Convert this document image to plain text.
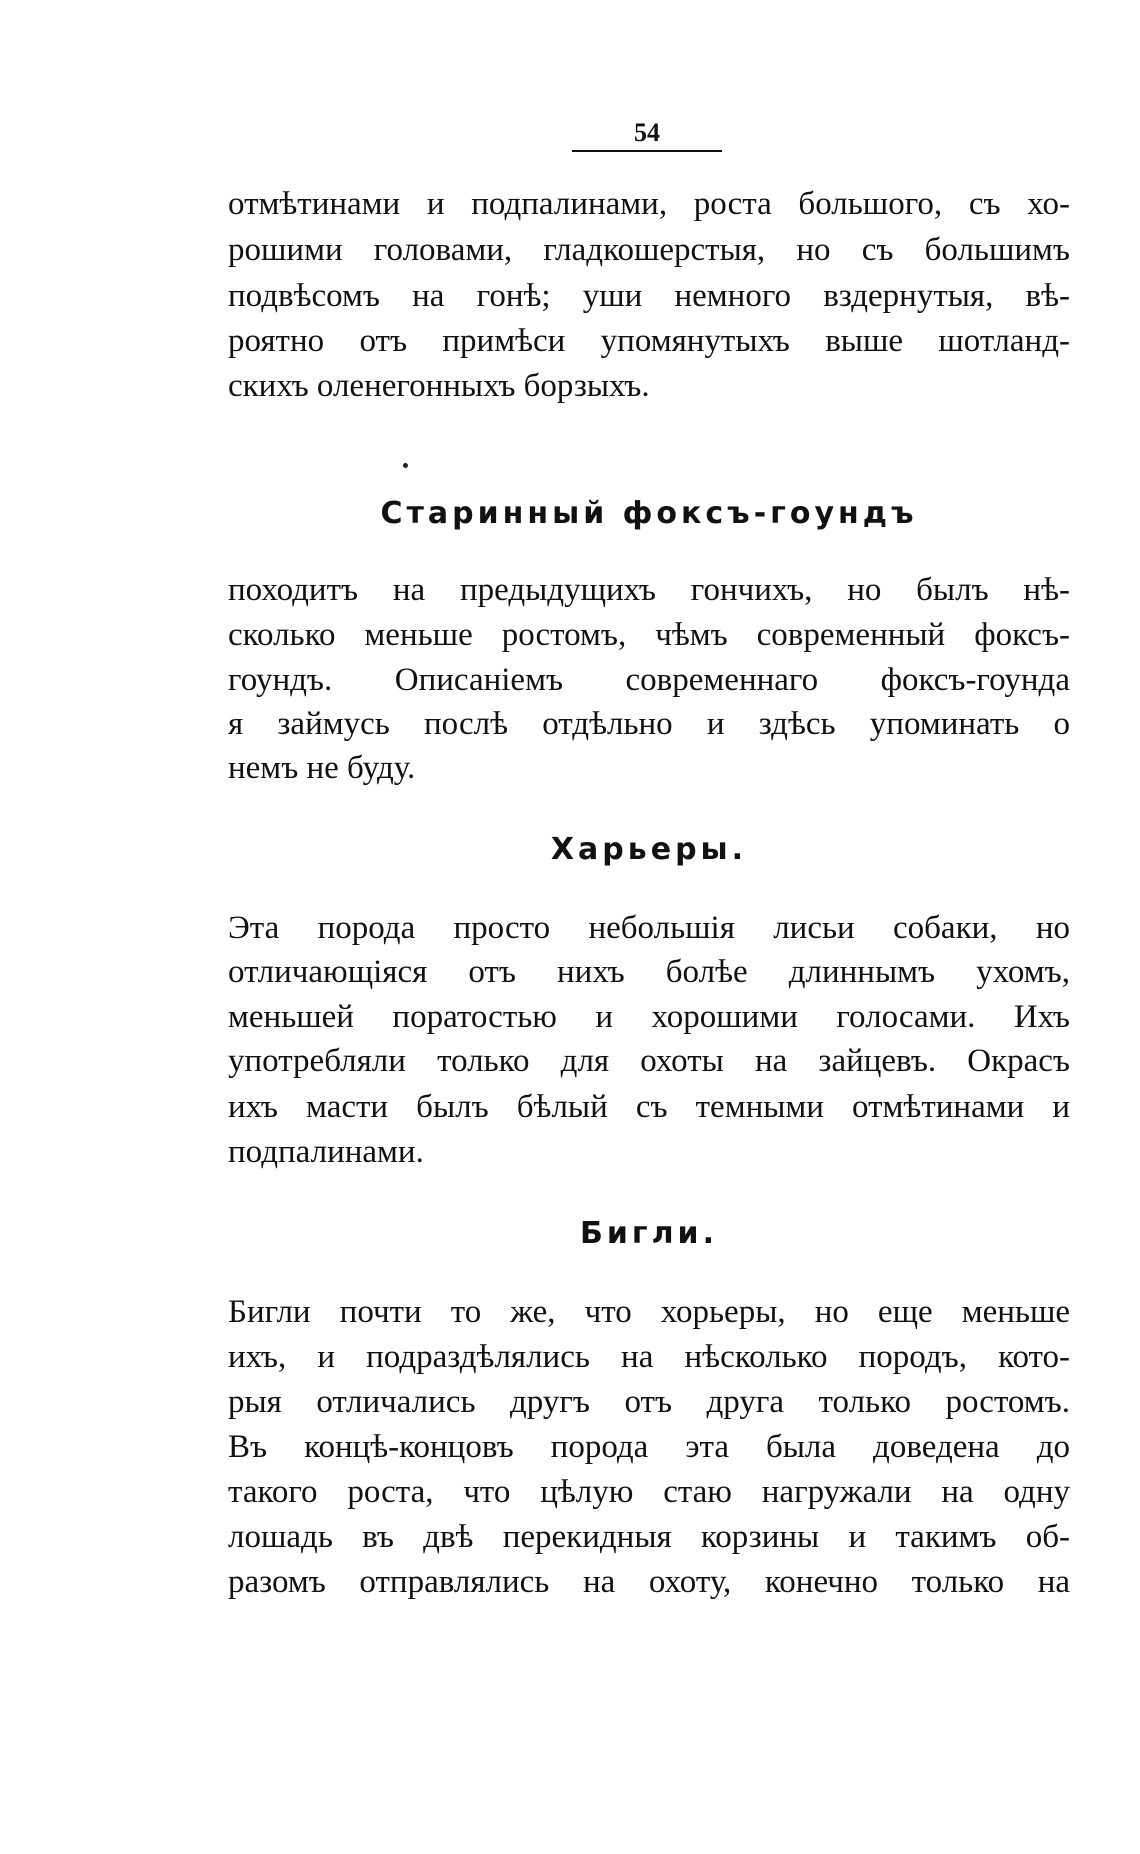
54
отмѣтинами и подпалинами, роста большого, съ хо-
рошими головами, гладкошерстыя, но съ большимъ
подвѣсомъ на гонѣ; уши немного вздернутыя, вѣ-
роятно отъ примѣси упомянутыхъ выше шотланд-
скихъ оленегонныхъ борзыхъ.
Старинный фоксъ-гоундъ
походитъ на предыдущихъ гончихъ, но былъ нѣ-
сколько меньше ростомъ, чѣмъ современный фоксъ-
гоундъ. Описаніемъ современнаго фоксъ-гоунда
я займусь послѣ отдѣльно и здѣсь упоминать о
немъ не буду.
Харьеры.
Эта порода просто небольшія лисьи собаки, но
отличающіяся отъ нихъ болѣе длиннымъ ухомъ,
меньшей поратостью и хорошими голосами. Ихъ
употребляли только для охоты на зайцевъ. Окрасъ
ихъ масти былъ бѣлый съ темными отмѣтинами и
подпалинами.
Бигли.
Бигли почти то же, что хорьеры, но еще меньше
ихъ, и подраздѣлялись на нѣсколько породъ, кото-
рыя отличались другъ отъ друга только ростомъ.
Въ концѣ-концовъ порода эта была доведена до
такого роста, что цѣлую стаю нагружали на одну
лошадь въ двѣ перекидныя корзины и такимъ об-
разомъ отправлялись на охоту, конечно только на
